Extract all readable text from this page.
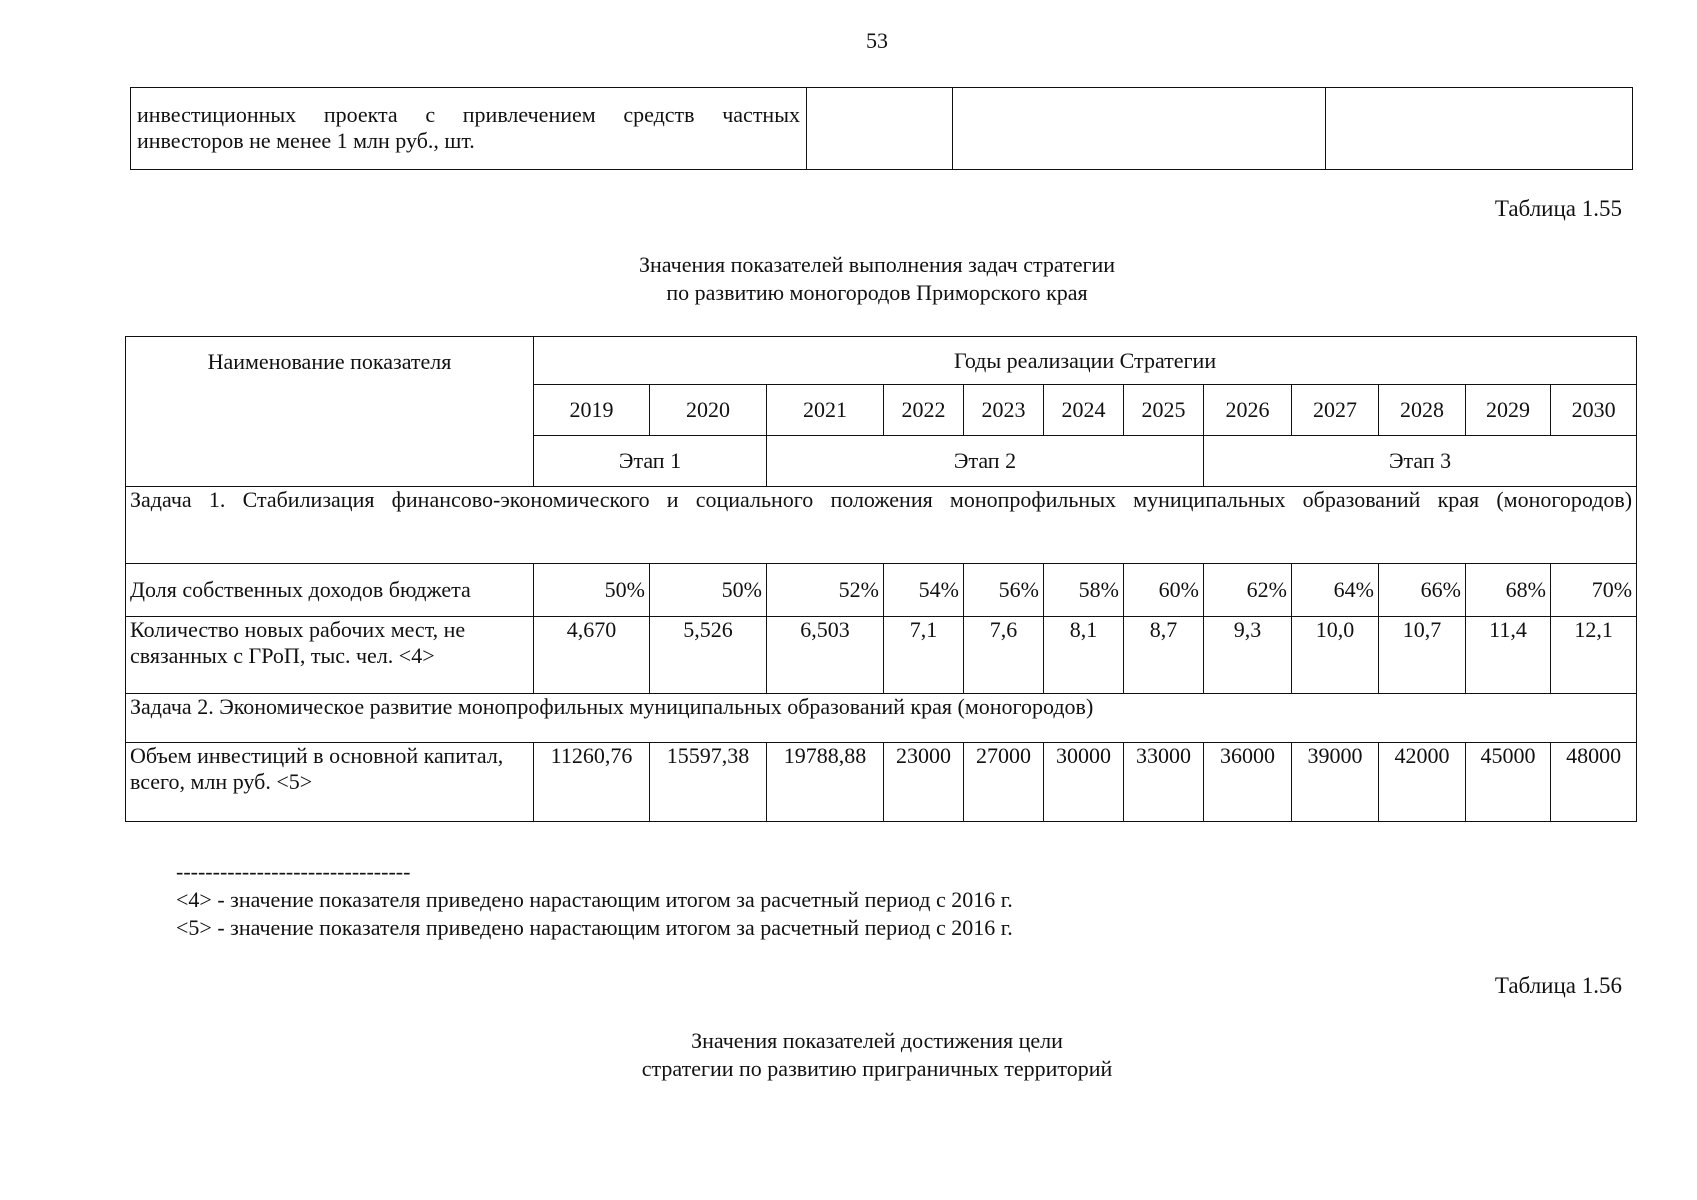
53
инвестиционных проекта с привлечением средств частных инвесторов не менее 1 млн руб., шт.			
Таблица 1.55
Значения показателей выполнения задач стратегии
по развитию моногородов Приморского края
Наименование показателя	Годы реализации Стратегии											
	2019	2020	2021	2022	2023	2024	2025	2026	2027	2028	2029	2030
	Этап 1		Этап 2					Этап 3				
Задача 1. Стабилизация финансово-экономического и социального положения монопрофильных муниципальных образований края (моногородов)												
Доля собственных доходов бюджета	50%	50%	52%	54%	56%	58%	60%	62%	64%	66%	68%	70%
Количество новых рабочих мест, не связанных с ГРоП, тыс. чел. <4>	4,670	5,526	6,503	7,1	7,6	8,1	8,7	9,3	10,0	10,7	11,4	12,1
Задача 2. Экономическое развитие монопрофильных муниципальных образований края (моногородов)												
Объем инвестиций в основной капитал, всего, млн руб. <5>	11260,76	15597,38	19788,88	23000	27000	30000	33000	36000	39000	42000	45000	48000
--------------------------------
<4> - значение показателя приведено нарастающим итогом за расчетный период с 2016 г.
<5> - значение показателя приведено нарастающим итогом за расчетный период с 2016 г.
Таблица 1.56
Значения показателей достижения цели
стратегии по развитию приграничных территорий
